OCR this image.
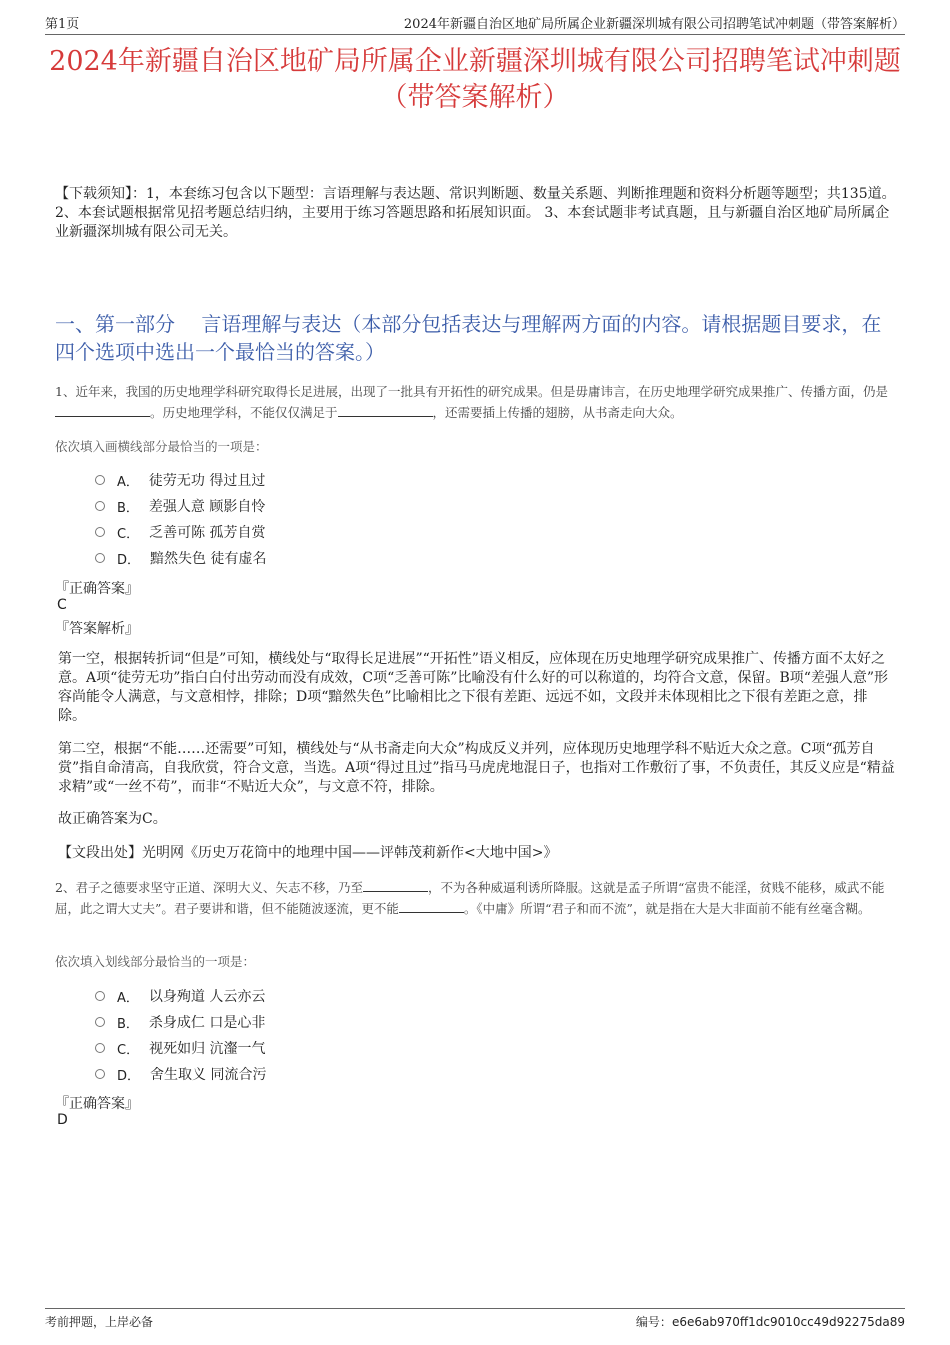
第1页	2024年新疆自治区地矿局所属企业新疆深圳城有限公司招聘笔试冲刺题（带答案解析）
2024年新疆自治区地矿局所属企业新疆深圳城有限公司招聘笔试冲刺题（带答案解析）
【下载须知】：1，本套练习包含以下题型：言语理解与表达题、常识判断题、数量关系题、判断推理题和资料分析题等题型；共135道。 2、本套试题根据常见招考题总结归纳，主要用于练习答题思路和拓展知识面。 3、本套试题非考试真题，且与新疆自治区地矿局所属企业新疆深圳城有限公司无关。
一、第一部分　 言语理解与表达（本部分包括表达与理解两方面的内容。请根据题目要求，在四个选项中选出一个最恰当的答案。）
1、近年来，我国的历史地理学科研究取得长足进展，出现了一批具有开拓性的研究成果。但是毋庸讳言，在历史地理学研究成果推广、传播方面，仍是。历史地理学科，不能仅仅满足于	，还需要插上传播的翅膀，从书斋走向大众。
依次填入画横线部分最恰当的一项是：
A． 徒劳无功 得过且过
B． 差强人意 顾影自怜
C． 乏善可陈 孤芳自赏
D． 黯然失色 徒有虚名
『正确答案』
C
『答案解析』
第一空，根据转折词“但是”可知，横线处与“取得长足进展”“开拓性”语义相反，应体现在历史地理学研究成果推广、传播方面不太好之意。A项“徒劳无功”指白白付出劳动而没有成效，C项“乏善可陈”比喻没有什么好的可以称道的，均符合文意，保留。B项“差强人意”形容尚能令人满意，与文意相悖，排除；D项“黯然失色”比喻相比之下很有差距、远远不如，文段并未体现相比之下很有差距之意，排除。
第二空，根据“不能……还需要”可知，横线处与“从书斋走向大众”构成反义并列，应体现历史地理学科不贴近大众之意。C项“孤芳自赏”指自命清高，自我欣赏，符合文意，当选。A项“得过且过”指马马虎虎地混日子，也指对工作敷衍了事，不负责任，其反义应是“精益求精”或“一丝不苟”，而非“不贴近大众”，与文意不符，排除。
故正确答案为C。
【文段出处】光明网《历史万花筒中的地理中国——评韩茂莉新作<大地中国>》
2、君子之德要求坚守正道、深明大义、矢志不移，乃至	，不为各种威逼利诱所降服。这就是孟子所谓“富贵不能淫，贫贱不能移，威武不能屈，此之谓大丈夫”。君子要讲和谐，但不能随波逐流，更不能	。《中庸》所谓“君子和而不流”，就是指在大是大非面前不能有丝毫含糊。
依次填入划线部分最恰当的一项是：
A． 以身殉道 人云亦云
B． 杀身成仁 口是心非
C． 视死如归 沆瀣一气
D． 舍生取义 同流合污
『正确答案』
D
考前押题，上岸必备	编号：e6e6ab970ff1dc9010cc49d92275da89
